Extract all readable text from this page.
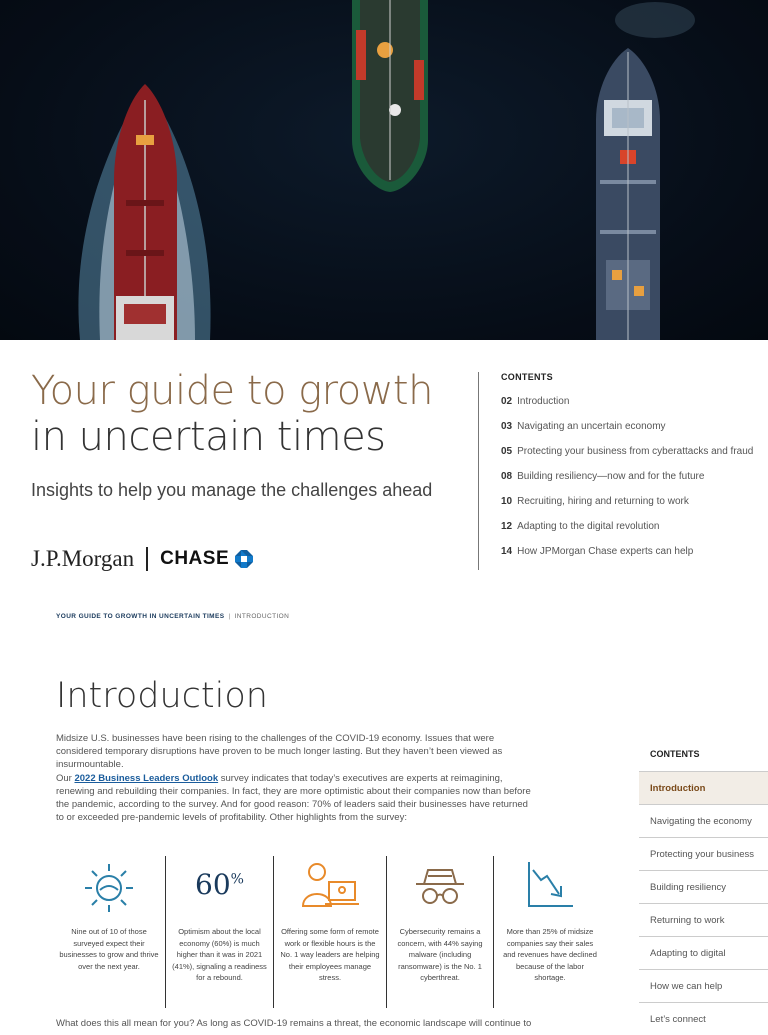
Your guide to growth
in uncertain times

Insights to help you manage the challenges ahead

J.P.Morgan CHASE
CONTENTS
02 Introduction
03 Navigating an uncertain economy
05 Protecting your business from cyberattacks and fraud
08 Building resiliency—now and for the future
10 Recruiting, hiring and returning to work
12 Adapting to the digital revolution
14 How JPMorgan Chase experts can help
YOUR GUIDE TO GROWTH IN UNCERTAIN TIMES | INTRODUCTION
Introduction

Midsize U.S. businesses have been rising to the challenges of the COVID-19 economy. Issues that were considered temporary disruptions have proven to be much longer lasting. But they haven’t been viewed as insurmountable.

Our 2022 Business Leaders Outlook survey indicates that today’s executives are experts at reimagining, renewing and rebuilding their companies. In fact, they are more optimistic about their companies now than before the pandemic, according to the survey. And for good reason: 70% of leaders said their businesses have returned to or exceeded pre-pandemic levels of profitability. Other highlights from the survey:

Nine out of 10 of those surveyed expect their businesses to grow and thrive over the next year.

60%

Optimism about the local economy (60%) is much higher than it was in 2021 (41%), signaling a readiness for a rebound.

Offering some form of remote work or flexible hours is the No. 1 way leaders are helping their employees manage stress.

Cybersecurity remains a concern, with 44% saying malware (including ransomware) is the No. 1 cyberthreat.

More than 25% of midsize companies say their sales and revenues have declined because of the labor shortage.

What does this all mean for you? As long as COVID-19 remains a threat, the economic landscape will continue to
CONTENTS
Introduction
Navigating the economy
Protecting your business
Building resiliency
Returning to work
Adapting to digital
How we can help
Let’s connect
